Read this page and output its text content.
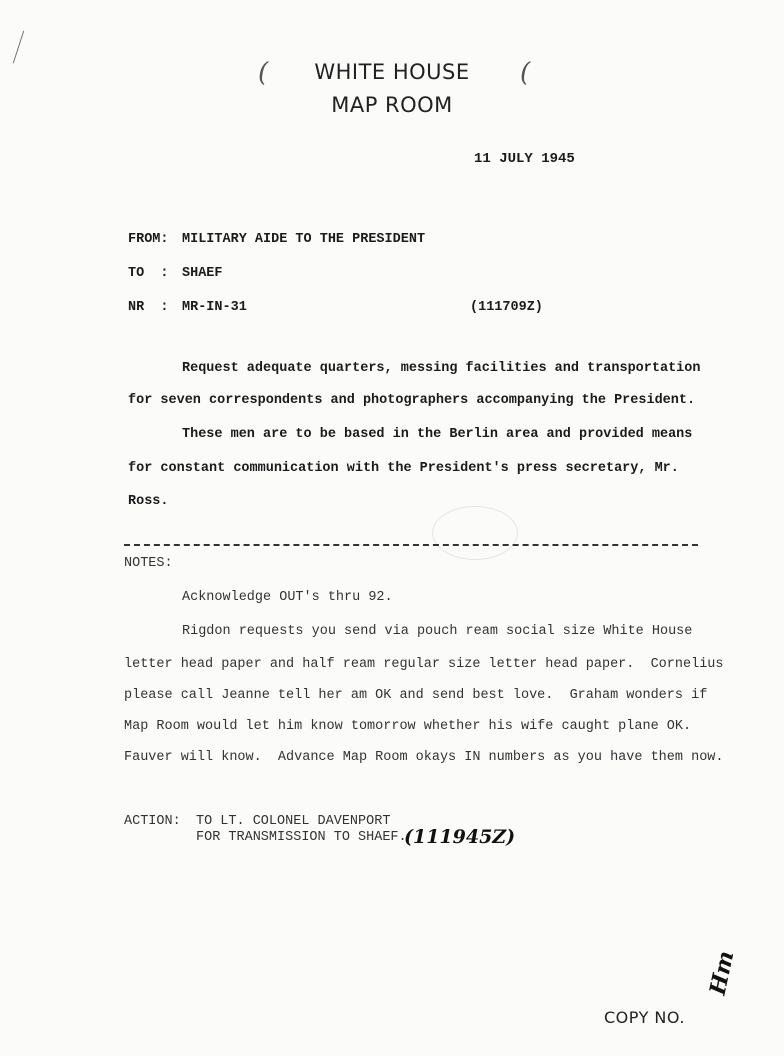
(	(
WHITE HOUSE
MAP ROOM
11 JULY 1945
FROM: MILITARY AIDE TO THE PRESIDENT
TO  : SHAEF
NR  : MR-IN-31	(111709Z)
Request adequate quarters, messing facilities and transportation
for seven correspondents and photographers accompanying the President.
These men are to be based in the Berlin area and provided means
for constant communication with the President's press secretary, Mr.
Ross.
NOTES:
Acknowledge OUT's thru 92.
Rigdon requests you send via pouch ream social size White House
letter head paper and half ream regular size letter head paper.  Cornelius
please call Jeanne tell her am OK and send best love.  Graham wonders if
Map Room would let him know tomorrow whether his wife caught plane OK.
Fauver will know.  Advance Map Room okays IN numbers as you have them now.
ACTION: TO LT. COLONEL DAVENPORT
FOR TRANSMISSION TO SHAEF.
(111945Z)
Hm
COPY NO.
